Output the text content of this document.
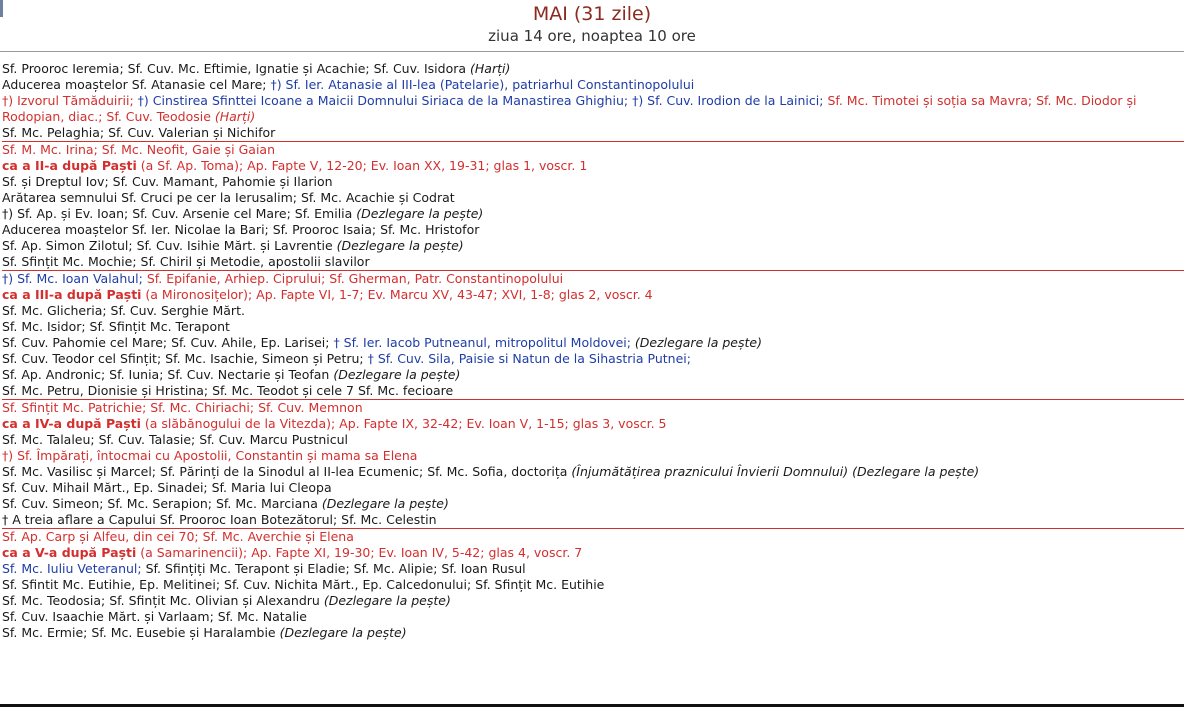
MAI (31 zile)
ziua 14 ore, noaptea 10 ore
Sf. Prooroc Ieremia; Sf. Cuv. Mc. Eftimie, Ignatie și Acachie; Sf. Cuv. Isidora (Harți)
Aducerea moaștelor Sf. Atanasie cel Mare; †) Sf. Ier. Atanasie al III-lea (Patelarie), patriarhul Constantinopolului
†) Izvorul Tămăduirii; †) Cinstirea Sfinttei Icoane a Maicii Domnului Siriaca de la Manastirea Ghighiu; †) Sf. Cuv. Irodion de la Lainici; Sf. Mc. Timotei și soția sa Mavra; Sf. Mc. Diodor și Rodopian, diac.; Sf. Cuv. Teodosie (Harți)
Sf. Mc. Pelaghia; Sf. Cuv. Valerian și Nichifor
Sf. M. Mc. Irina; Sf. Mc. Neofit, Gaie și Gaian
ca a II-a după Paști (a Sf. Ap. Toma); Ap. Fapte V, 12-20; Ev. Ioan XX, 19-31; glas 1, voscr. 1
Sf. și Dreptul Iov; Sf. Cuv. Mamant, Pahomie și Ilarion
Arătarea semnului Sf. Cruci pe cer la Ierusalim; Sf. Mc. Acachie și Codrat
†) Sf. Ap. și Ev. Ioan; Sf. Cuv. Arsenie cel Mare; Sf. Emilia (Dezlegare la pește)
Aducerea moaștelor Sf. Ier. Nicolae la Bari; Sf. Prooroc Isaia; Sf. Mc. Hristofor
Sf. Ap. Simon Zilotul; Sf. Cuv. Isihie Mărt. și Lavrentie (Dezlegare la pește)
Sf. Sfințit Mc. Mochie; Sf. Chiril și Metodie, apostolii slavilor
†) Sf. Mc. Ioan Valahul; Sf. Epifanie, Arhiep. Ciprului; Sf. Gherman, Patr. Constantinopolului
ca a III-a după Paști (a Mironosițelor); Ap. Fapte VI, 1-7; Ev. Marcu XV, 43-47; XVI, 1-8; glas 2, voscr. 4
Sf. Mc. Glicheria; Sf. Cuv. Serghie Mărt.
Sf. Mc. Isidor; Sf. Sfințit Mc. Terapont
Sf. Cuv. Pahomie cel Mare; Sf. Cuv. Ahile, Ep. Larisei; † Sf. Ier. Iacob Putneanul, mitropolitul Moldovei; (Dezlegare la pește)
Sf. Cuv. Teodor cel Sfințit; Sf. Mc. Isachie, Simeon și Petru; † Sf. Cuv. Sila, Paisie si Natun de la Sihastria Putnei;
Sf. Ap. Andronic; Sf. Iunia; Sf. Cuv. Nectarie și Teofan (Dezlegare la pește)
Sf. Mc. Petru, Dionisie și Hristina; Sf. Mc. Teodot și cele 7 Sf. Mc. fecioare
Sf. Sfințit Mc. Patrichie; Sf. Mc. Chiriachi; Sf. Cuv. Memnon
ca a IV-a după Paști (a slăbănogului de la Vitezda); Ap. Fapte IX, 32-42; Ev. Ioan V, 1-15; glas 3, voscr. 5
Sf. Mc. Talaleu; Sf. Cuv. Talasie; Sf. Cuv. Marcu Pustnicul
†) Sf. Împărați, întocmai cu Apostolii, Constantin și mama sa Elena
Sf. Mc. Vasilisc și Marcel; Sf. Părinți de la Sinodul al II-lea Ecumenic; Sf. Mc. Sofia, doctorița (Înjumătățirea praznicului Învierii Domnului) (Dezlegare la pește)
Sf. Cuv. Mihail Mărt., Ep. Sinadei; Sf. Maria lui Cleopa
Sf. Cuv. Simeon; Sf. Mc. Serapion; Sf. Mc. Marciana (Dezlegare la pește)
† A treia aflare a Capului Sf. Prooroc Ioan Botezătorul; Sf. Mc. Celestin
Sf. Ap. Carp și Alfeu, din cei 70; Sf. Mc. Averchie și Elena
ca a V-a după Paști (a Samarinencii); Ap. Fapte XI, 19-30; Ev. Ioan IV, 5-42; glas 4, voscr. 7
Sf. Mc. Iuliu Veteranul; Sf. Sfințiți Mc. Terapont și Eladie; Sf. Mc. Alipie; Sf. Ioan Rusul
Sf. Sfintit Mc. Eutihie, Ep. Melitinei; Sf. Cuv. Nichita Mărt., Ep. Calcedonului; Sf. Sfințit Mc. Eutihie
Sf. Mc. Teodosia; Sf. Sfințit Mc. Olivian și Alexandru (Dezlegare la pește)
Sf. Cuv. Isaachie Mărt. și Varlaam; Sf. Mc. Natalie
Sf. Mc. Ermie; Sf. Mc. Eusebie și Haralambie (Dezlegare la pește)
